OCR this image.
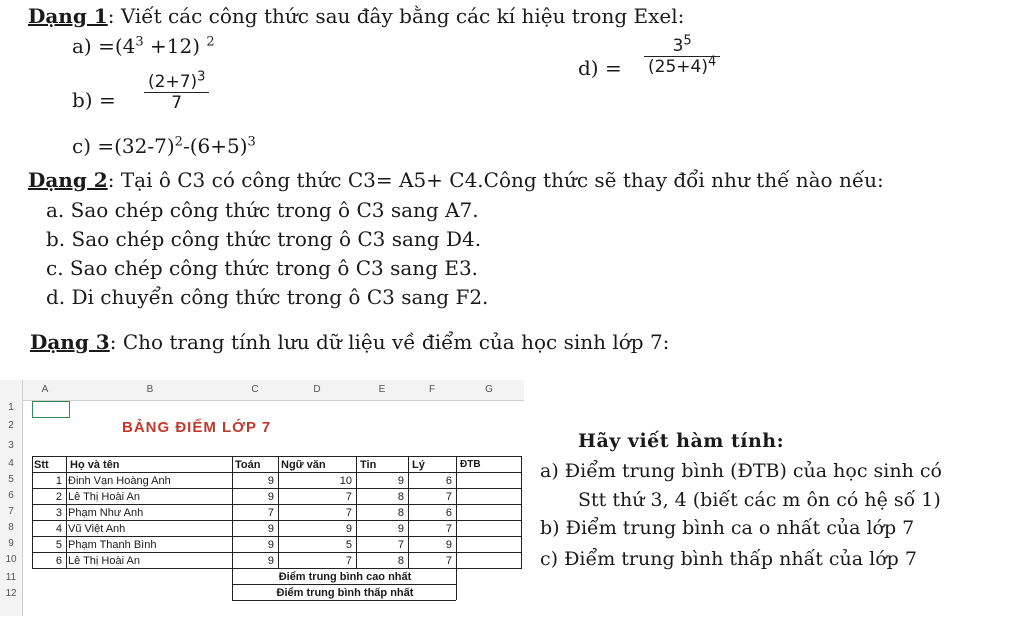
Dạng 1: Viết các công thức sau đây bằng các kí hiệu trong Exel:
$a) =(4^3 +12)$ $^2$
$b) = \frac{(2+7)^3}{7}$
$c) =(32-7)^2-(6+5)^3$
$d) = \frac{3^5}{(25+4)^4}$
Dạng 2: Tại ô C3 có công thức C3= A5+ C4.Công thức sẽ thay đổi như thế nào nếu:
a. Sao chép công thức trong ô C3 sang A7.
b. Sao chép công thức trong ô C3 sang D4.
c. Sao chép công thức trong ô C3 sang E3.
d. Di chuyển công thức trong ô C3 sang F2.
Dạng 3: Cho trang tính lưu dữ liệu về điểm của học sinh lớp 7:
A	B	C	D	E	F	G
1
2
3
4
5
6
7
8
9
10
11
12
BẢNG ĐIỂM LỚP 7
Stt	Họ và tên	Toán	Ngữ văn	Tin	Lý	ĐTB
1 Đinh Vạn Hoàng Anh	9	10	9	6
2 Lê Thị Hoài An	9	7	8	7
3 Phạm Như Anh	7	7	8	6
4 Vũ Việt Anh	9	9	9	7
5 Phạm Thanh Bình	9	5	7	9
6 Lê Thị Hoài An	9	7	8	7
Điểm trung bình cao nhất
Điểm trung bình thấp nhất
Hãy viết hàm tính:
a) Điểm trung bình (ĐTB) của học sinh có
Stt thứ 3, 4 (biết các m ôn có hệ số 1)
b) Điểm trung bình ca o nhất của lớp 7
c) Điểm trung bình thấp nhất của lớp 7
